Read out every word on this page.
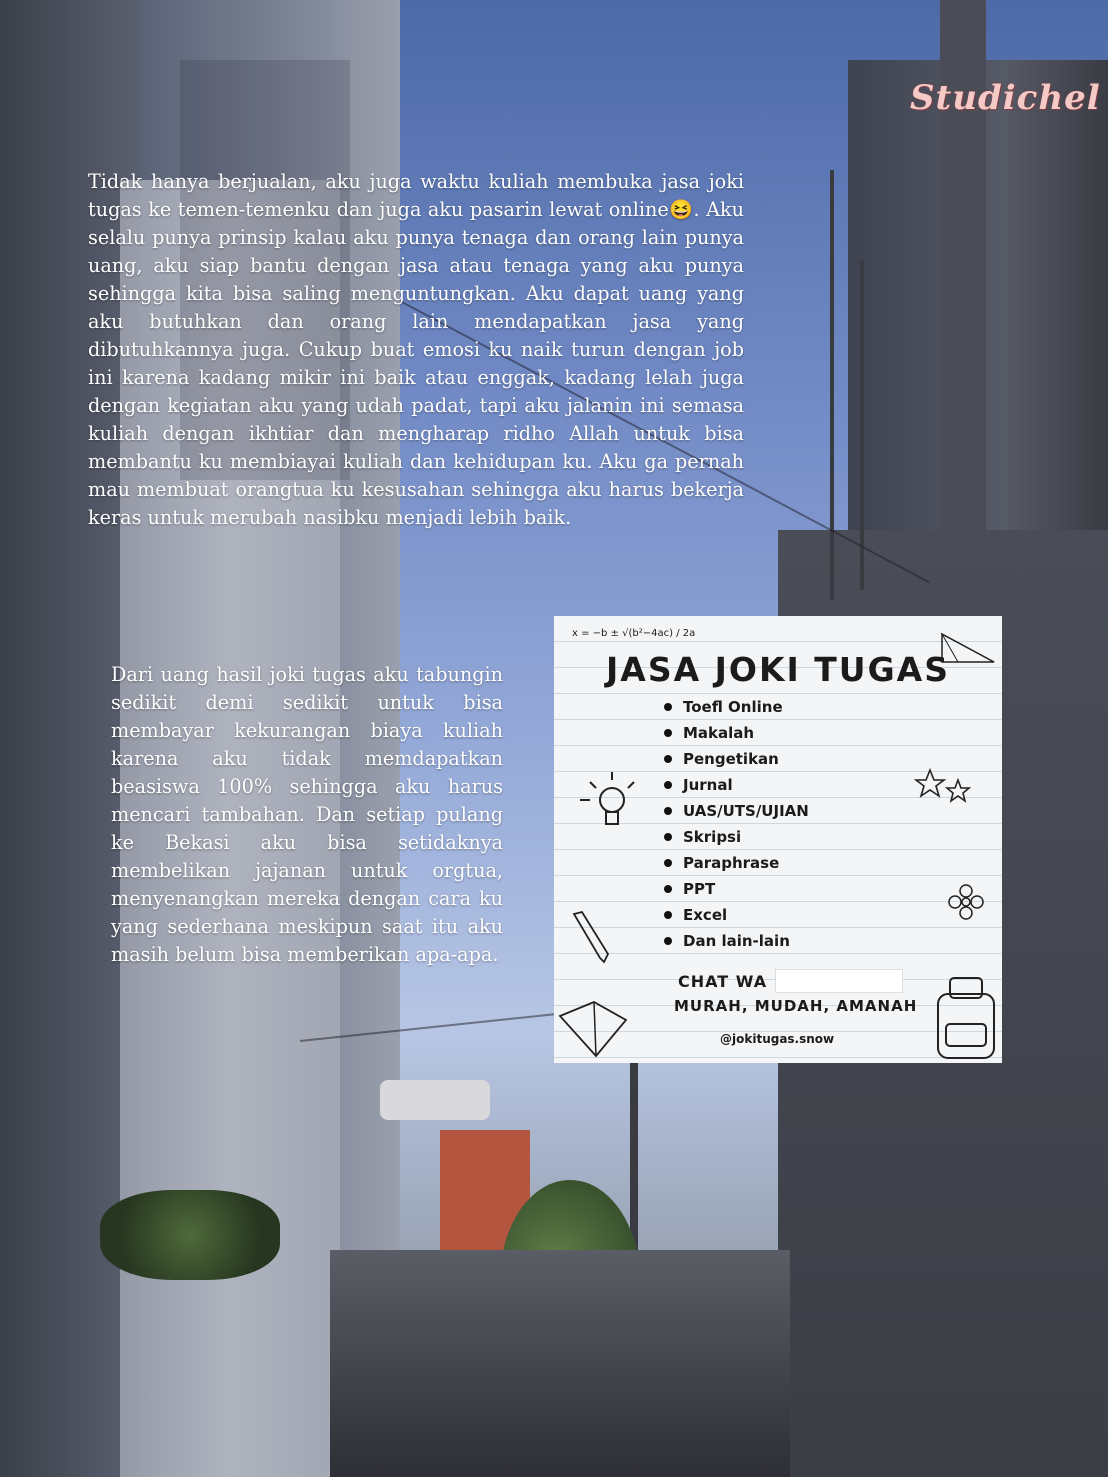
Studichel
Tidak hanya berjualan, aku juga waktu kuliah membuka jasa joki tugas ke temen-temenku dan juga aku pasarin lewat online😆. Aku selalu punya prinsip kalau aku punya tenaga dan orang lain punya uang, aku siap bantu dengan jasa atau tenaga yang aku punya sehingga kita bisa saling menguntungkan. Aku dapat uang yang aku butuhkan dan orang lain mendapatkan jasa yang dibutuhkannya juga. Cukup buat emosi ku naik turun dengan job ini karena kadang mikir ini baik atau enggak, kadang lelah juga dengan kegiatan aku yang udah padat, tapi aku jalanin ini semasa kuliah dengan ikhtiar dan mengharap ridho Allah untuk bisa membantu ku membiayai kuliah dan kehidupan ku. Aku ga pernah mau membuat orangtua ku kesusahan sehingga aku harus bekerja keras untuk merubah nasibku menjadi lebih baik.
Dari uang hasil joki tugas aku tabungin sedikit demi sedikit untuk bisa membayar kekurangan biaya kuliah karena aku tidak memdapatkan beasiswa 100% sehingga aku harus mencari tambahan. Dan setiap pulang ke Bekasi aku bisa setidaknya membelikan jajanan untuk orgtua, menyenangkan mereka dengan cara ku yang sederhana meskipun saat itu aku masih belum bisa memberikan apa-apa.
x = −b ± √(b²−4ac) / 2a
JASA JOKI TUGAS
Toefl Online
Makalah
Pengetikan
Jurnal
UAS/UTS/UJIAN
Skripsi
Paraphrase
PPT
Excel
Dan lain-lain
CHAT WA
MURAH, MUDAH, AMANAH
@jokitugas.snow
